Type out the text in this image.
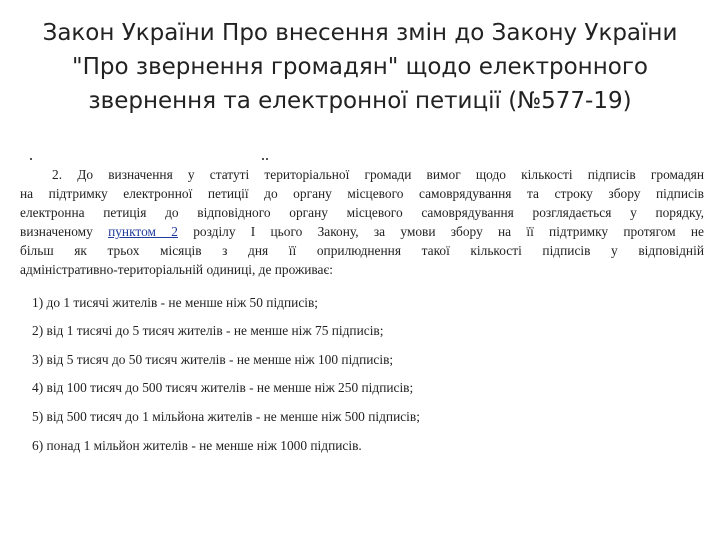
Закон України Про внесення змін до Закону України
"Про звернення громадян" щодо електронного
звернення та електронної петиції (№577-19)
2. До визначення у статуті територіальної громади вимог щодо кількості підписів громадян
на підтримку електронної петиції до органу місцевого самоврядування та строку збору підписів
електронна петиція до відповідного органу місцевого самоврядування розглядається у порядку,
визначеному пунктом 2 розділу I цього Закону, за умови збору на її підтримку протягом не
більш як трьох місяців з дня її оприлюднення такої кількості підписів у відповідній
адміністративно-територіальній одиниці, де проживає:
1) до 1 тисячі жителів - не менше ніж 50 підписів;
2) від 1 тисячі до 5 тисяч жителів - не менше ніж 75 підписів;
3) від 5 тисяч до 50 тисяч жителів - не менше ніж 100 підписів;
4) від 100 тисяч до 500 тисяч жителів - не менше ніж 250 підписів;
5) від 500 тисяч до 1 мільйона жителів - не менше ніж 500 підписів;
6) понад 1 мільйон жителів - не менше ніж 1000 підписів.
